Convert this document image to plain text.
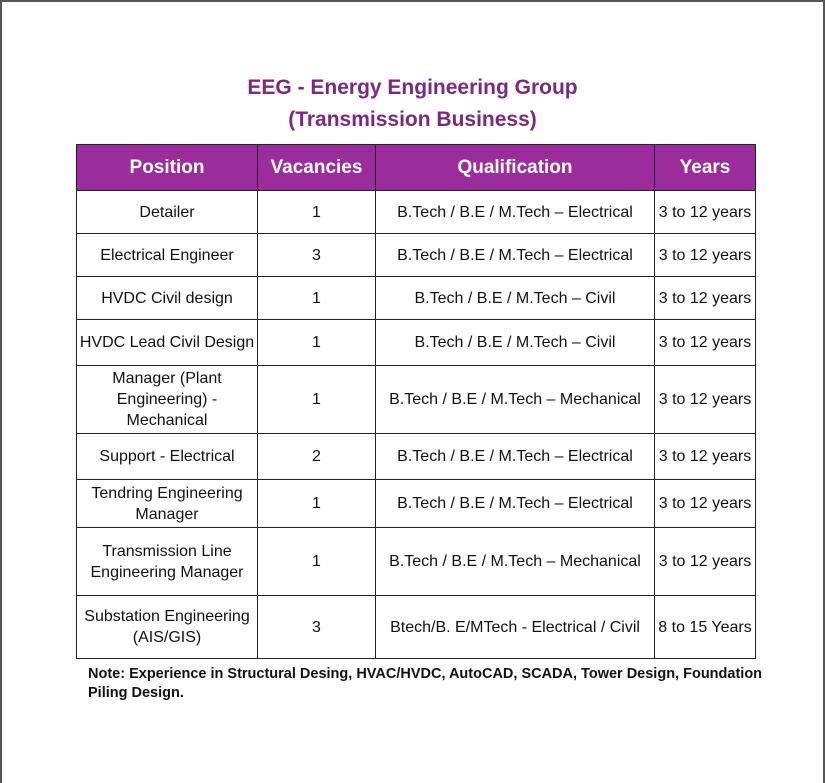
EEG - Energy Engineering Group
(Transmission Business)
Position	Vacancies	Qualification	Years
Detailer	1	B.Tech / B.E / M.Tech – Electrical	3 to 12 years
Electrical Engineer	3	B.Tech / B.E / M.Tech – Electrical	3 to 12 years
HVDC Civil design	1	B.Tech / B.E / M.Tech – Civil	3 to 12 years
HVDC Lead Civil Design	1	B.Tech / B.E / M.Tech – Civil	3 to 12 years
Manager (Plant Engineering) - Mechanical	1	B.Tech / B.E / M.Tech – Mechanical	3 to 12 years
Support - Electrical	2	B.Tech / B.E / M.Tech – Electrical	3 to 12 years
Tendring Engineering Manager	1	B.Tech / B.E / M.Tech – Electrical	3 to 12 years
Transmission Line Engineering Manager	1	B.Tech / B.E / M.Tech – Mechanical	3 to 12 years
Substation Engineering (AIS/GIS)	3	Btech/B. E/MTech - Electrical / Civil	8 to 15 Years
Note: Experience in Structural Desing, HVAC/HVDC, AutoCAD, SCADA, Tower Design, Foundation Piling Design.
